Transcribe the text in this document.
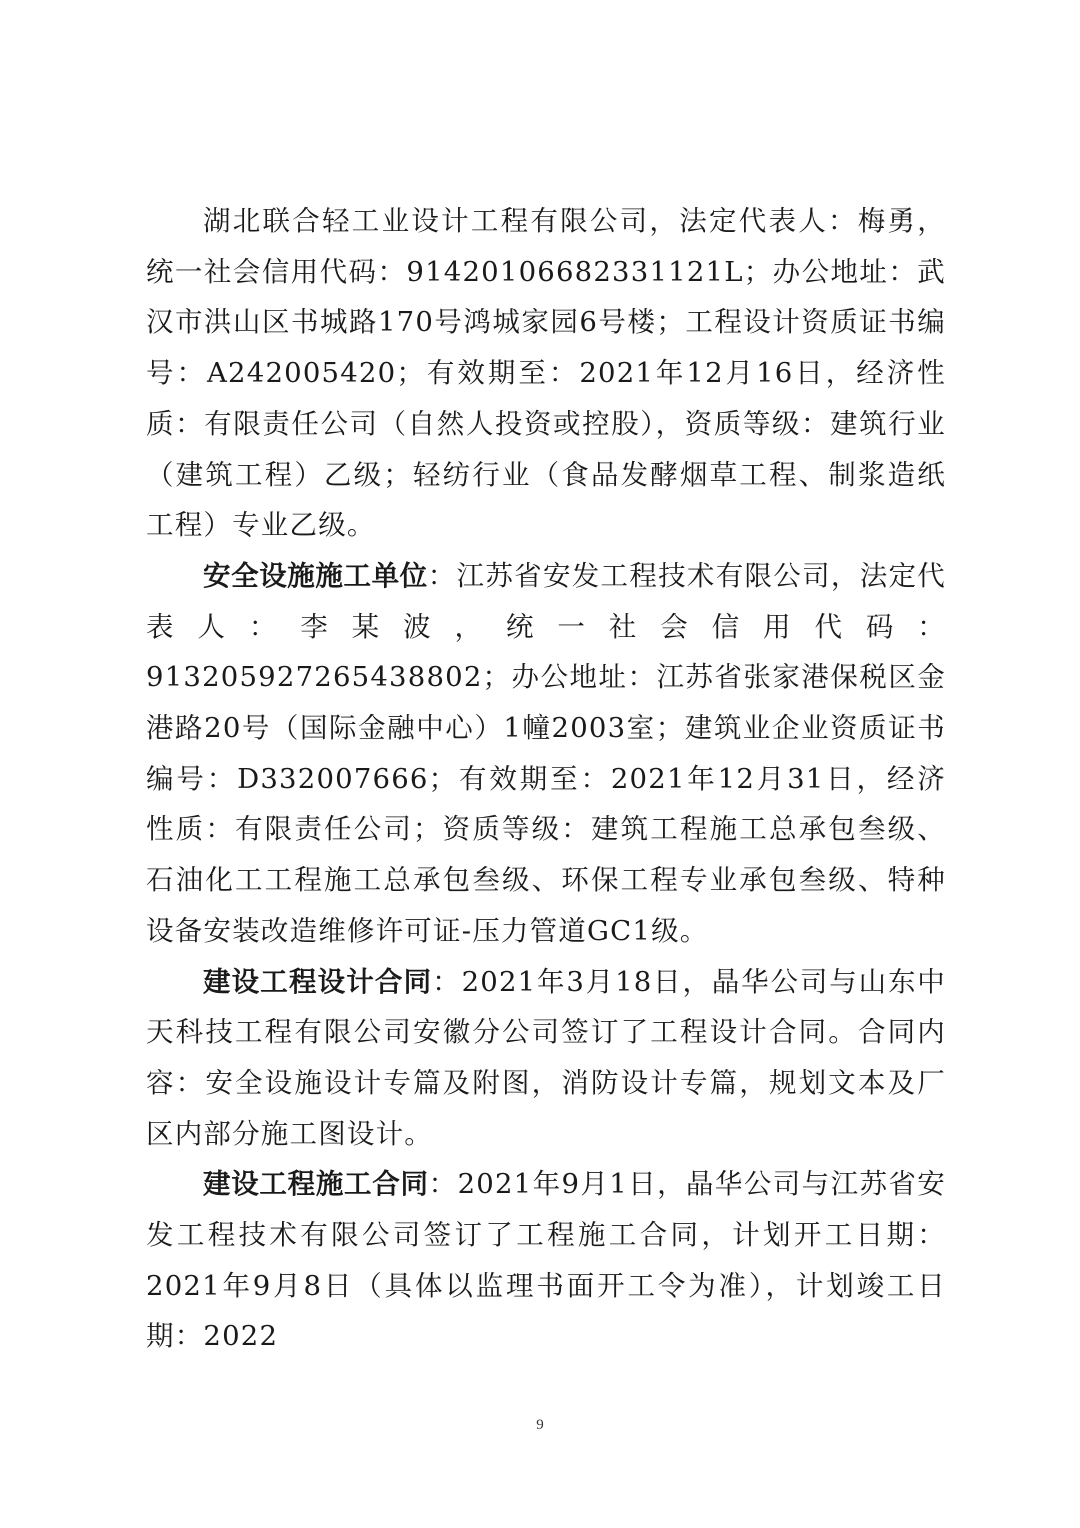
湖北联合轻工业设计工程有限公司，法定代表人：梅勇，统一社会信用代码：91420106682331121L；办公地址：武汉市洪山区书城路170号鸿城家园6号楼；工程设计资质证书编号：A242005420；有效期至：2021年12月16日，经济性质：有限责任公司（自然人投资或控股），资质等级：建筑行业（建筑工程）乙级；轻纺行业（食品发酵烟草工程、制浆造纸工程）专业乙级。

安全设施施工单位：江苏省安发工程技术有限公司，法定代表人：李某波，统一社会信用代码：913205927265438802；办公地址：江苏省张家港保税区金港路20号（国际金融中心）1幢2003室；建筑业企业资质证书编号：D332007666；有效期至：2021年12月31日，经济性质：有限责任公司；资质等级：建筑工程施工总承包叁级、石油化工工程施工总承包叁级、环保工程专业承包叁级、特种设备安装改造维修许可证-压力管道GC1级。

建设工程设计合同：2021年3月18日，晶华公司与山东中天科技工程有限公司安徽分公司签订了工程设计合同。合同内容：安全设施设计专篇及附图，消防设计专篇，规划文本及厂区内部分施工图设计。

建设工程施工合同：2021年9月1日，晶华公司与江苏省安发工程技术有限公司签订了工程施工合同，计划开工日期：2021年9月8日（具体以监理书面开工令为准），计划竣工日期：2022

9
